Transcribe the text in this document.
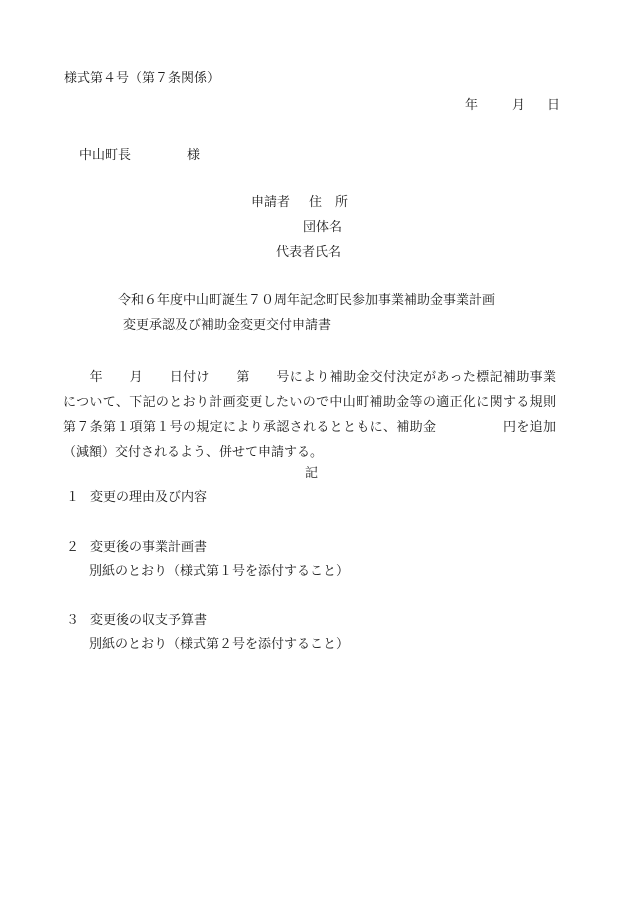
様式第４号（第７条関係）
年	月 日
中山町長	様
申請者 住　所
団体名
代表者氏名
令和６年度中山町誕生７０周年記念町民参加事業補助金事業計画
変更承認及び補助金変更交付申請書
　　年　　月　　日付け　　第　　号により補助金交付決定があった標記補助事業
について、下記のとおり計画変更したいので中山町補助金等の適正化に関する規則
第７条第１項第１号の規定により承認されるとともに、補助金　　　　　円を追加
（減額）交付されるよう、併せて申請する。
記
１ 変更の理由及び内容
２ 変更後の事業計画書
別紙のとおり（様式第１号を添付すること）
３ 変更後の収支予算書
別紙のとおり（様式第２号を添付すること）
